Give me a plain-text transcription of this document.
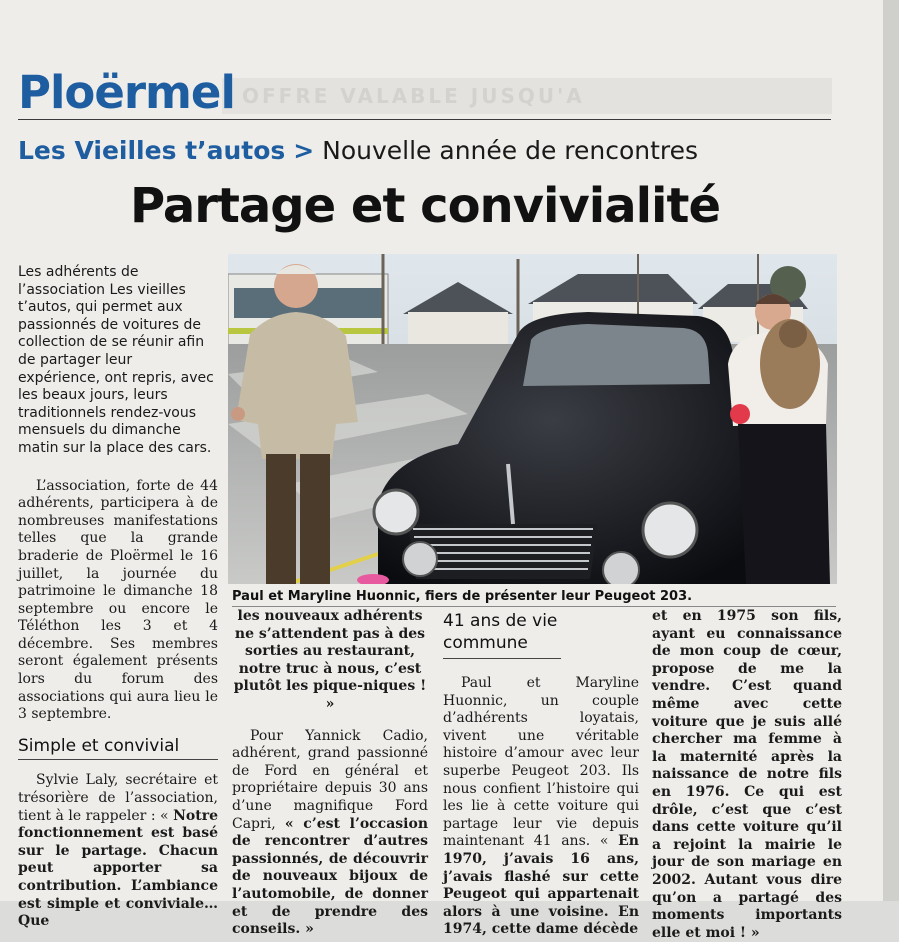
OFFRE VALABLE JUSQU'A
Ploërmel
Les Vieilles t’autos > Nouvelle année de rencontres
Partage et convivialité

Les adhérents de l’association Les vieilles t’autos, qui permet aux passionnés de voitures de collection de se réunir afin de partager leur expérience, ont repris, avec les beaux jours, leurs traditionnels rendez-vous mensuels du dimanche matin sur la place des cars.

L’association, forte de 44 adhérents, participera à de nombreuses manifestations telles que la grande braderie de Ploërmel le 16 juillet, la journée du patrimoine le dimanche 18 septembre ou encore le Téléthon les 3 et 4 décembre. Ses membres seront également présents lors du forum des associations qui aura lieu le 3 septembre.

Simple et convivial

Sylvie Laly, secrétaire et trésorière de l’association, tient à le rappeler : « Notre fonctionnement est basé sur le partage. Chacun peut apporter sa contribution. L’ambiance est simple et conviviale… Que

Paul et Maryline Huonnic, fiers de présenter leur Peugeot 203.

les nouveaux adhérents ne s’attendent pas à des sorties au restaurant, notre truc à nous, c’est plutôt les pique-niques ! »

Pour Yannick Cadio, adhérent, grand passionné de Ford en général et propriétaire depuis 30 ans d’une magnifique Ford Capri, « c’est l’occasion de rencontrer d’autres passionnés, de découvrir de nouveaux bijoux de l’automobile, de donner et de prendre des conseils. »

41 ans de vie commune

Paul et Maryline Huonnic, un couple d’adhérents loyatais, vivent une véritable histoire d’amour avec leur superbe Peugeot 203. Ils nous confient l’histoire qui les lie à cette voiture qui partage leur vie depuis maintenant 41 ans. « En 1970, j’avais 16 ans, j’avais flashé sur cette Peugeot qui appartenait alors à une voisine. En 1974, cette dame décède

et en 1975 son fils, ayant eu connaissance de mon coup de cœur, propose de me la vendre. C’est quand même avec cette voiture que je suis allé chercher ma femme à la maternité après la naissance de notre fils en 1976. Ce qui est drôle, c’est que c’est dans cette voiture qu’il a rejoint la mairie le jour de son mariage en 2002. Autant vous dire qu’on a partagé des moments importants elle et moi ! »
